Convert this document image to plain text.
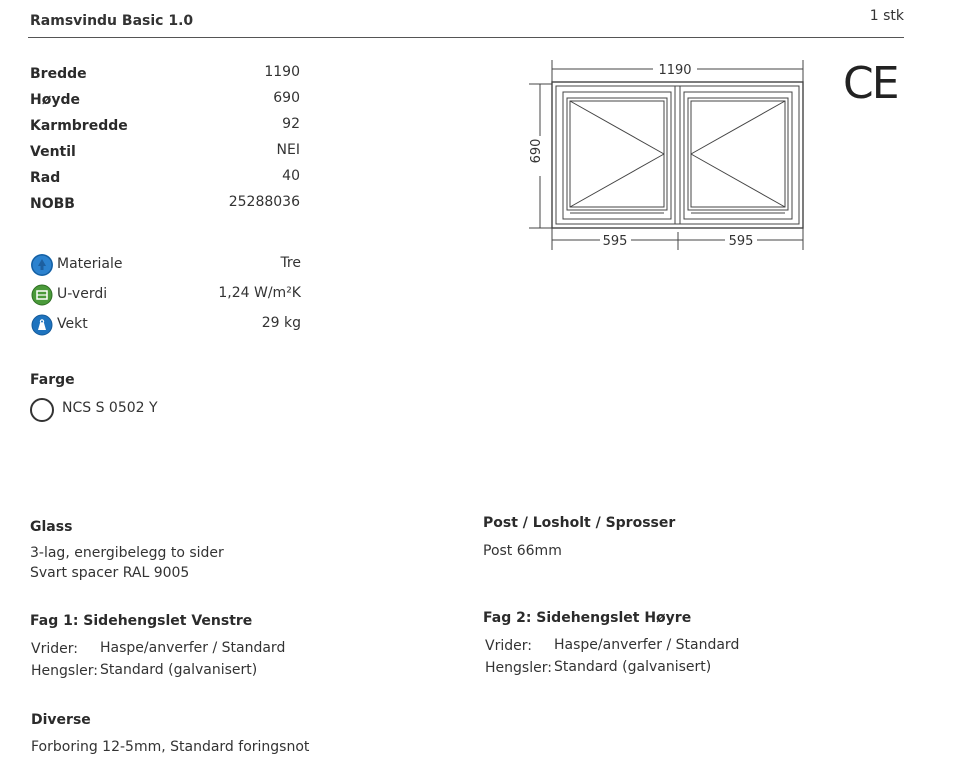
Ramsvindu Basic 1.0	1 stk
Bredde	1190
Høyde	690
Karmbredde	92
Ventil	NEI
Rad	40
NOBB	25288036
Materiale	Tre
U-verdi	1,24 W/m²K
Vekt	29 kg
Farge
NCS S 0502 Y
1190
595	595
690
CE
Glass
3-lag, energibelegg to sider
Svart spacer RAL 9005
Post / Losholt / Sprosser
Post 66mm
Fag 1: Sidehengslet Venstre
Vrider: Haspe/anverfer / Standard
Hengsler: Standard (galvanisert)
Fag 2: Sidehengslet Høyre
Vrider: Haspe/anverfer / Standard
Hengsler: Standard (galvanisert)
Diverse
Forboring 12-5mm, Standard foringsnot
